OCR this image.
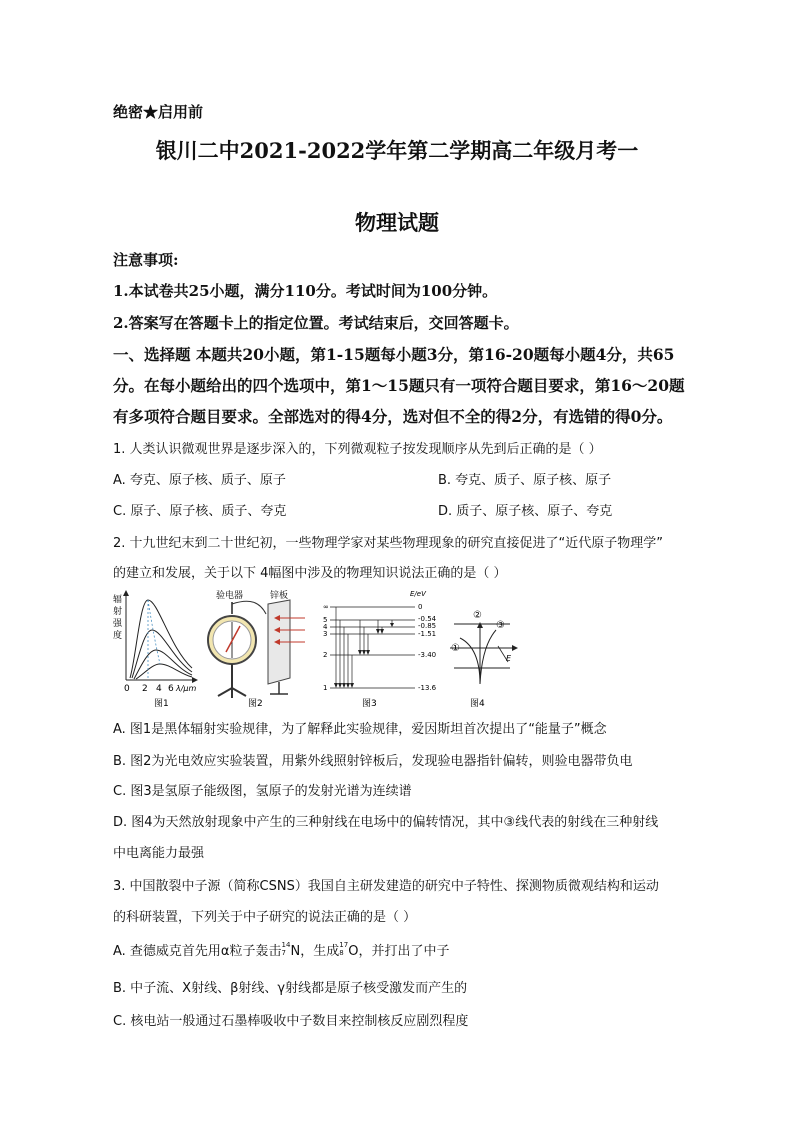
绝密★启用前
银川二中2021-2022学年第二学期高二年级月考一
物理试题
注意事项:
1.本试卷共25小题，满分110分。考试时间为100分钟。
2.答案写在答题卡上的指定位置。考试结束后，交回答题卡。
一、选择题 本题共20小题，第1-15题每小题3分，第16-20题每小题4分，共65
分。在每小题给出的四个选项中，第1～15题只有一项符合题目要求，第16～20题
有多项符合题目要求。全部选对的得4分，选对但不全的得2分，有选错的得0分。
1. 人类认识微观世界是逐步深入的，下列微观粒子按发现顺序从先到后正确的是（ ）
A. 夸克、原子核、质子、原子	B. 夸克、质子、原子核、原子
C. 原子、原子核、质子、夸克	D. 质子、原子核、原子、夸克
2. 十九世纪末到二十世纪初，一些物理学家对某些物理现象的研究直接促进了“近代原子物理学”
的建立和发展，关于以下 4幅图中涉及的物理知识说法正确的是（ ）
辐
射
强
度
0 2 4 6 λ/μm
图1
验电器	锌板
图2
E/eV
∞
5
4
3
2
1
0
-0.54
-0.85
-1.51
-3.40
-13.6
图3
①
②
③
E
图4
A. 图1是黑体辐射实验规律，为了解释此实验规律，爱因斯坦首次提出了“能量子”概念
B. 图2为光电效应实验装置，用紫外线照射锌板后，发现验电器指针偏转，则验电器带负电
C. 图3是氢原子能级图，氢原子的发射光谱为连续谱
D. 图4为天然放射现象中产生的三种射线在电场中的偏转情况，其中③线代表的射线在三种射线
中电离能力最强
3. 中国散裂中子源（简称CSNS）我国自主研发建造的研究中子特性、探测物质微观结构和运动
的科研装置，下列关于中子研究的说法正确的是（ ）
A. 查德威克首先用α粒子轰击 14
7 N，生成 17
8 O，并打出了中子
B. 中子流、X射线、β射线、γ射线都是原子核受激发而产生的
C. 核电站一般通过石墨棒吸收中子数目来控制核反应剧烈程度
